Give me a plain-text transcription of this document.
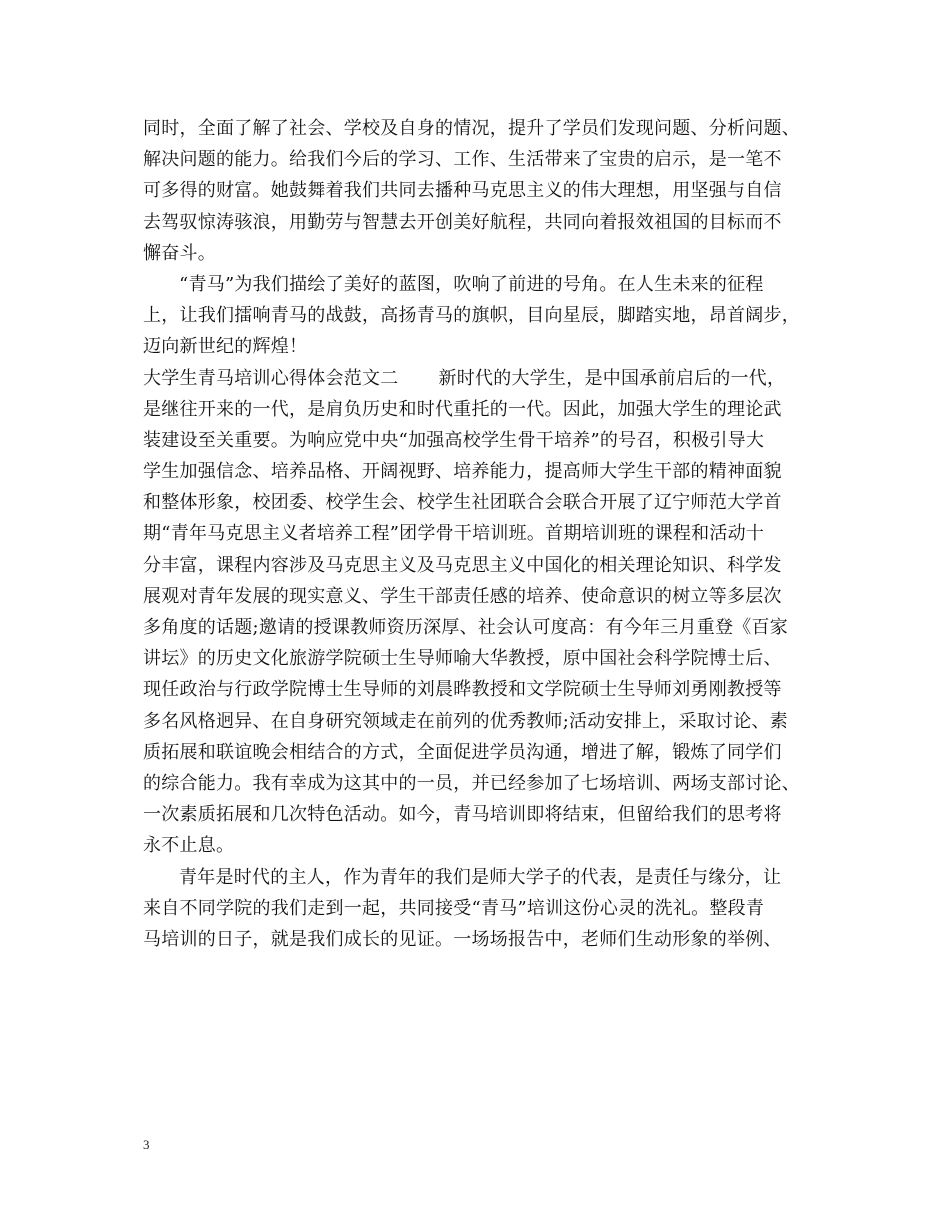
同时，全面了解了社会、学校及自身的情况，提升了学员们发现问题、分析问题、
解决问题的能力。给我们今后的学习、工作、生活带来了宝贵的启示，是一笔不
可多得的财富。她鼓舞着我们共同去播种马克思主义的伟大理想，用坚强与自信
去驾驭惊涛骇浪，用勤劳与智慧去开创美好航程，共同向着报效祖国的目标而不
懈奋斗。
“青马”为我们描绘了美好的蓝图，吹响了前进的号角。在人生未来的征程
上，让我们擂响青马的战鼓，高扬青马的旗帜，目向星辰，脚踏实地，昂首阔步，
迈向新世纪的辉煌！
大学生青马培训心得体会范文二 新时代的大学生，是中国承前启后的一代，
是继往开来的一代，是肩负历史和时代重托的一代。因此，加强大学生的理论武
装建设至关重要。为响应党中央“加强高校学生骨干培养”的号召，积极引导大
学生加强信念、培养品格、开阔视野、培养能力，提高师大学生干部的精神面貌
和整体形象，校团委、校学生会、校学生社团联合会联合开展了辽宁师范大学首
期“青年马克思主义者培养工程”团学骨干培训班。首期培训班的课程和活动十
分丰富，课程内容涉及马克思主义及马克思主义中国化的相关理论知识、科学发
展观对青年发展的现实意义、学生干部责任感的培养、使命意识的树立等多层次
多角度的话题;邀请的授课教师资历深厚、社会认可度高：有今年三月重登《百家
讲坛》的历史文化旅游学院硕士生导师喻大华教授，原中国社会科学院博士后、
现任政治与行政学院博士生导师的刘晨晔教授和文学院硕士生导师刘勇刚教授等
多名风格迥异、在自身研究领域走在前列的优秀教师;活动安排上，采取讨论、素
质拓展和联谊晚会相结合的方式，全面促进学员沟通，增进了解，锻炼了同学们
的综合能力。我有幸成为这其中的一员，并已经参加了七场培训、两场支部讨论、
一次素质拓展和几次特色活动。如今，青马培训即将结束，但留给我们的思考将
永不止息。
青年是时代的主人，作为青年的我们是师大学子的代表，是责任与缘分，让
来自不同学院的我们走到一起，共同接受“青马”培训这份心灵的洗礼。整段青
马培训的日子，就是我们成长的见证。一场场报告中，老师们生动形象的举例、
3
